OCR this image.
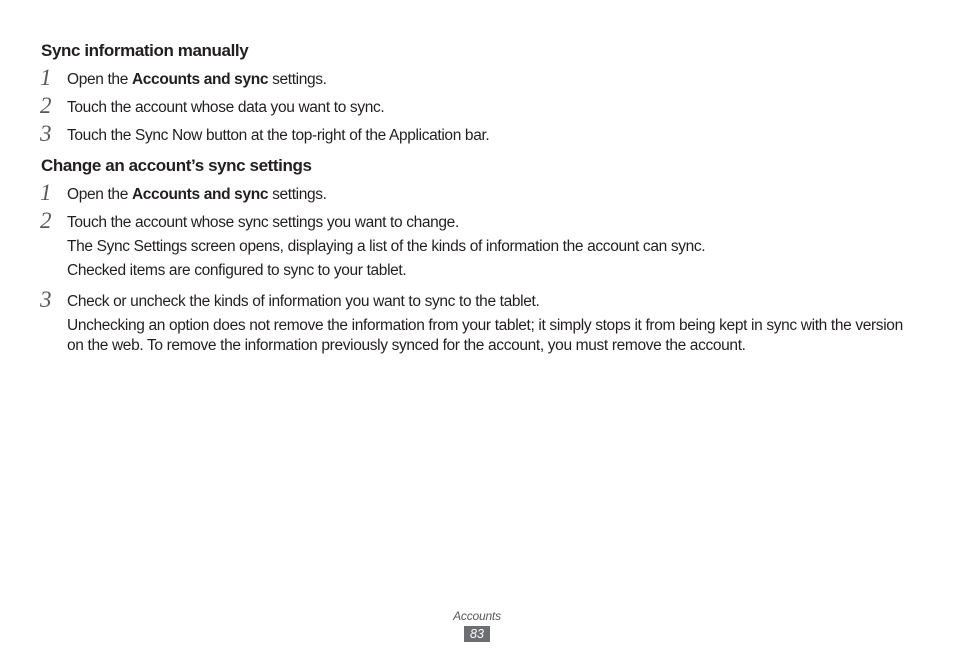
Sync information manually
1 Open the Accounts and sync settings.

2 Touch the account whose data you want to sync.

3 Touch the Sync Now button at the top-right of the Application bar.

Change an account’s sync settings
1 Open the Accounts and sync settings.

2 Touch the account whose sync settings you want to change.

The Sync Settings screen opens, displaying a list of the kinds of information the account can sync.

Checked items are configured to sync to your tablet.

3 Check or uncheck the kinds of information you want to sync to the tablet.

Unchecking an option does not remove the information from your tablet; it simply stops it from being kept in sync with the version on the web. To remove the information previously synced for the account, you must remove the account.

Accounts
83
